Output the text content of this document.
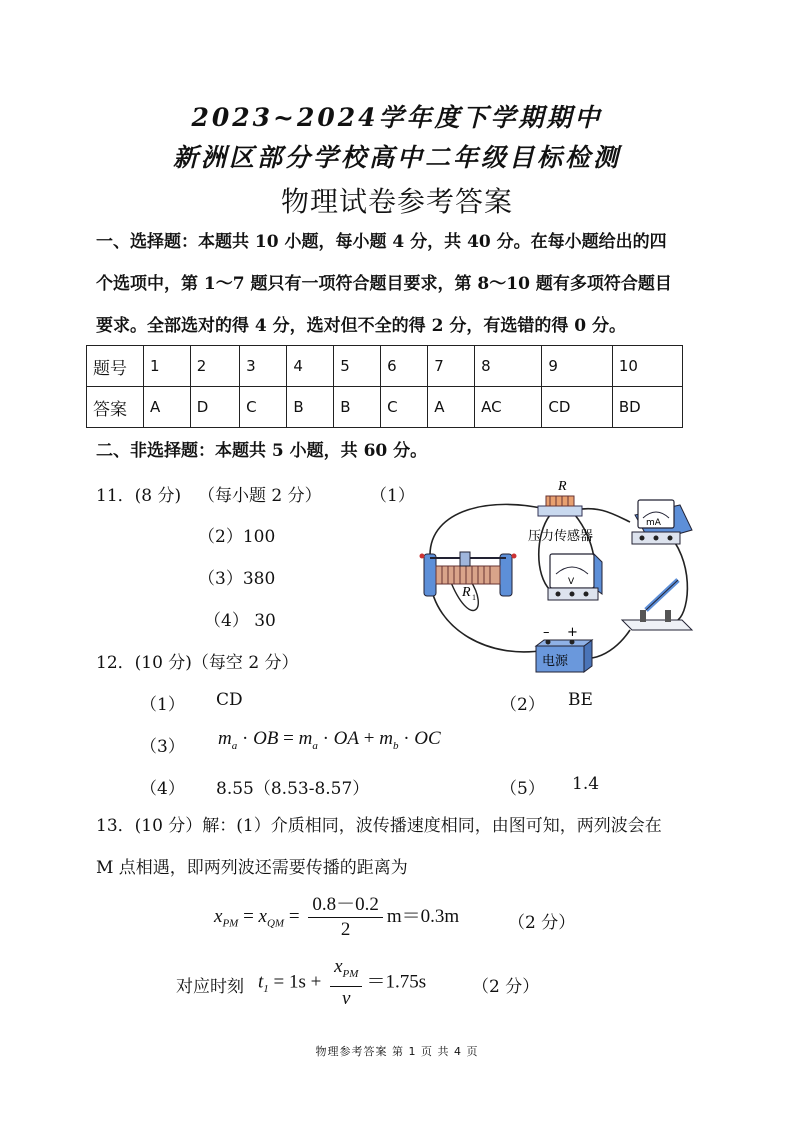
2023~2024学年度下学期期中
新洲区部分学校高中二年级目标检测
物理试卷参考答案
一、选择题：本题共 10 小题，每小题 4 分，共 40 分。在每小题给出的四
个选项中，第 1～7 题只有一项符合题目要求，第 8～10 题有多项符合题目
要求。全部选对的得 4 分，选对但不全的得 2 分，有选错的得 0 分。
题号	1	2	3	4	5	6	7	8	9	10
答案	A	D	C	B	B	C	A	AC	CD	BD
二、非选择题：本题共 5 小题，共 60 分。
11．(8 分) （每小题 2 分）	（1）
（2）100
（3）380
（4） 30
R
压力传感器
mA
V
R 1
– +
电源
12．(10 分)（每空 2 分）
（1） CD	（2） BE
（3） $m_a$ · OB = $m_a$ · OA + $m_b$ · OC
（4） 8.55（8.53-8.57）	（5） 1.4
13．(10 分）解：(1）介质相同，波传播速度相同，由图可知，两列波会在
M 点相遇，即两列波还需要传播的距离为
$x_{PM} = x_{QM} = \frac{0.8-0.2}{2} m=0.3m$	（2 分）
对应时刻 $t_1 = 1s + \frac{x_{PM}}{v} =1.75s$	（2 分）
物理参考答案 第 1 页 共 4 页
